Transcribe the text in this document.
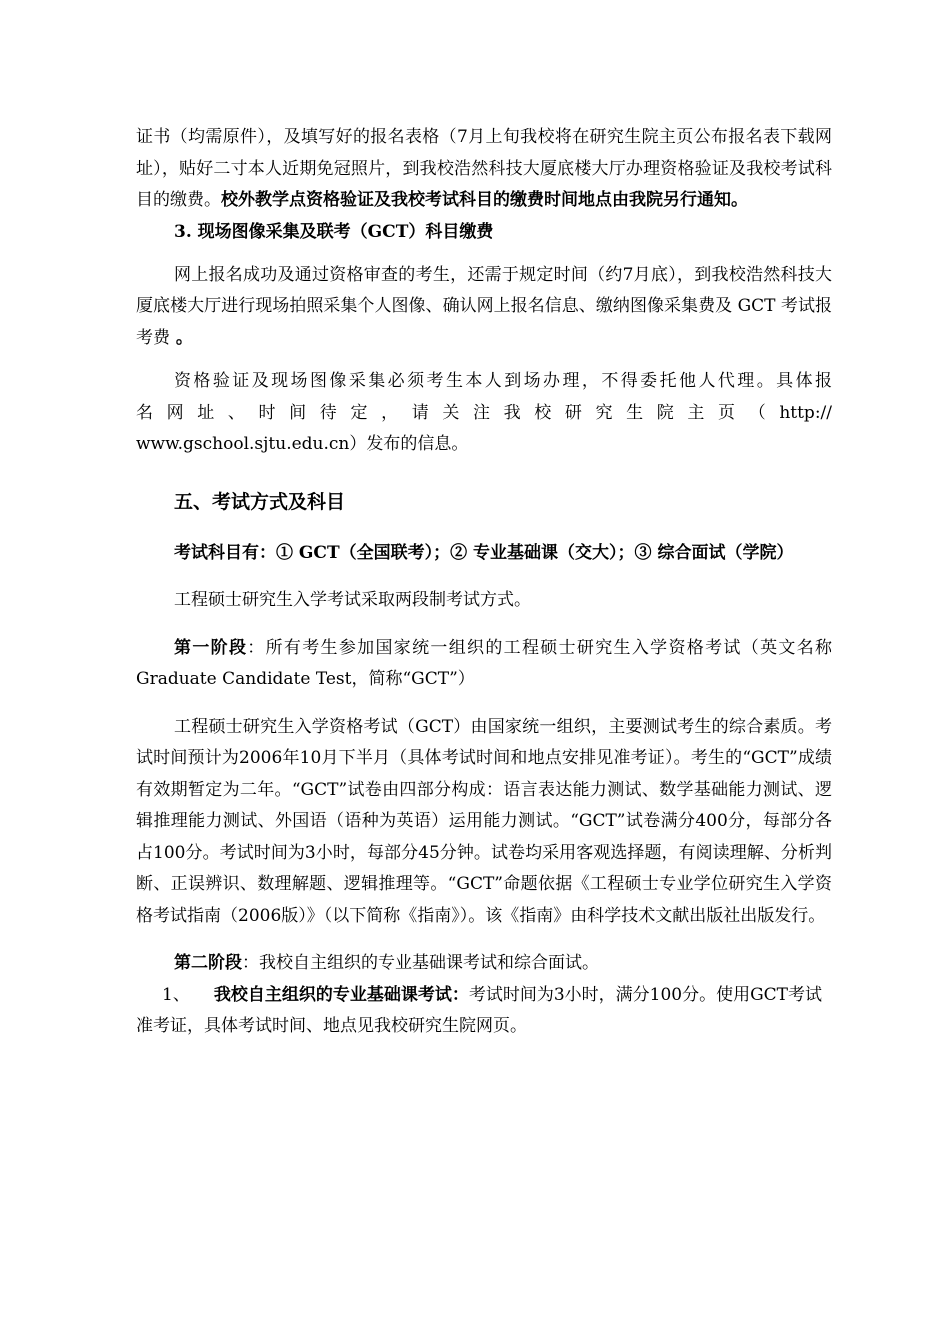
证书（均需原件），及填写好的报名表格（7月上旬我校将在研究生院主页公布报名表下载网址），贴好二寸本人近期免冠照片，到我校浩然科技大厦底楼大厅办理资格验证及我校考试科目的缴费。校外教学点资格验证及我校考试科目的缴费时间地点由我院另行通知。

3. 现场图像采集及联考（GCT）科目缴费

网上报名成功及通过资格审查的考生，还需于规定时间（约7月底），到我校浩然科技大厦底楼大厅进行现场拍照采集个人图像、确认网上报名信息、缴纳图像采集费及 GCT 考试报考费 。

资格验证及现场图像采集必须考生本人到场办理，不得委托他人代理。具体报

名 网 址 、 时 间 待 定 ， 请 关 注 我 校 研 究 生 院 主 页 （ http://

www.gschool.sjtu.edu.cn）发布的信息。

五、考试方式及科目

考试科目有：① GCT（全国联考）；② 专业基础课（交大）；③ 综合面试（学院）

工程硕士研究生入学考试采取两段制考试方式。

第一阶段：所有考生参加国家统一组织的工程硕士研究生入学资格考试（英文名称Graduate Candidate Test，简称“GCT”）

工程硕士研究生入学资格考试（GCT）由国家统一组织，主要测试考生的综合素质。考试时间预计为2006年10月下半月（具体考试时间和地点安排见准考证）。考生的“GCT”成绩有效期暂定为二年。“GCT”试卷由四部分构成：语言表达能力测试、数学基础能力测试、逻辑推理能力测试、外国语（语种为英语）运用能力测试。“GCT”试卷满分400分，每部分各占100分。考试时间为3小时，每部分45分钟。试卷均采用客观选择题，有阅读理解、分析判断、正误辨识、数理解题、逻辑推理等。“GCT”命题依据《工程硕士专业学位研究生入学资格考试指南（2006版）》（以下简称《指南》）。该《指南》由科学技术文献出版社出版发行。

第二阶段：我校自主组织的专业基础课考试和综合面试。

1、 我校自主组织的专业基础课考试：考试时间为3小时，满分100分。使用GCT考试准考证，具体考试时间、地点见我校研究生院网页。
